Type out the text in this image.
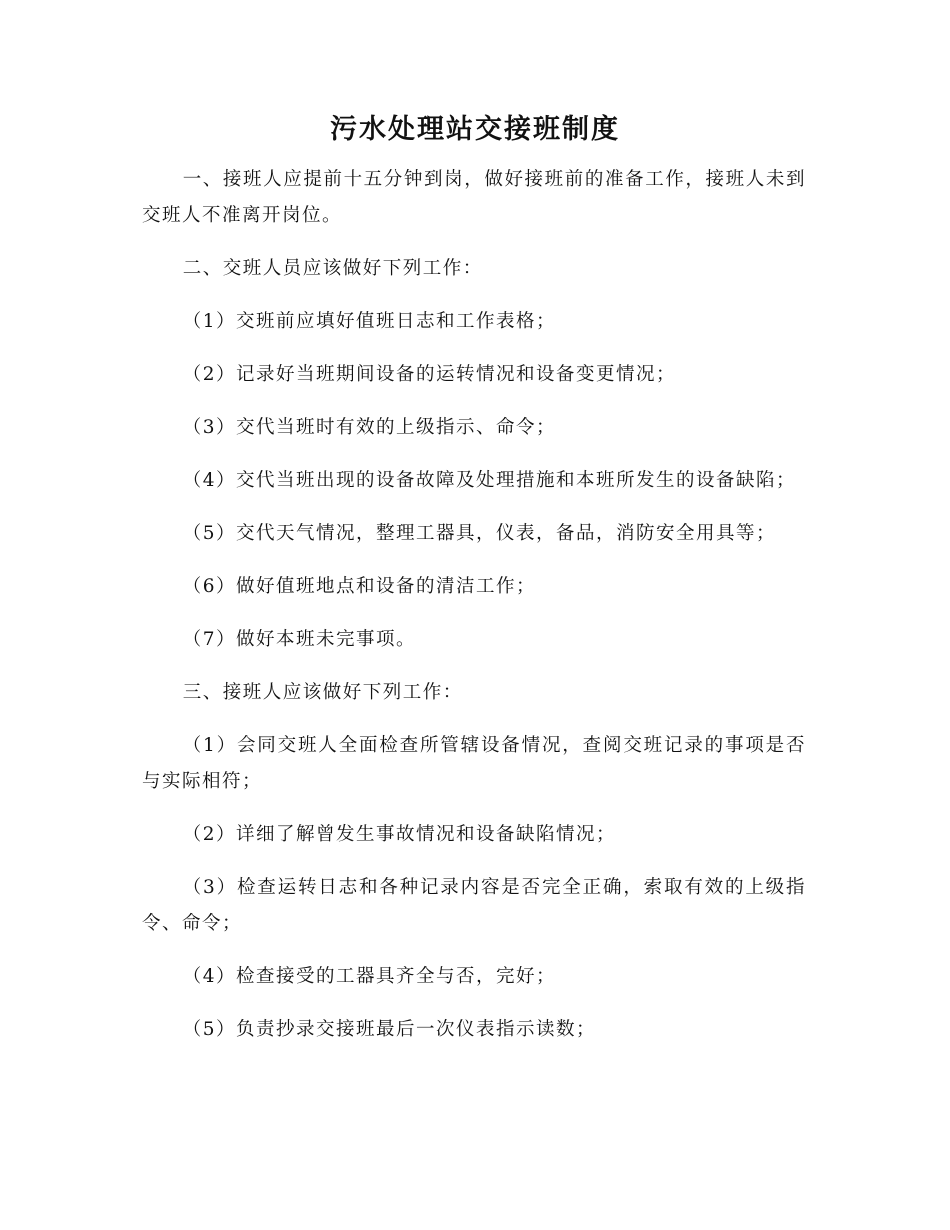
污水处理站交接班制度

一、接班人应提前十五分钟到岗，做好接班前的准备工作，接班人未到交班人不准离开岗位。

二、交班人员应该做好下列工作：

（1）交班前应填好值班日志和工作表格；

（2）记录好当班期间设备的运转情况和设备变更情况；

（3）交代当班时有效的上级指示、命令；

（4）交代当班出现的设备故障及处理措施和本班所发生的设备缺陷；

（5）交代天气情况，整理工器具，仪表，备品，消防安全用具等；

（6）做好值班地点和设备的清洁工作；

（7）做好本班未完事项。

三、接班人应该做好下列工作：

（1）会同交班人全面检查所管辖设备情况，查阅交班记录的事项是否与实际相符；

（2）详细了解曾发生事故情况和设备缺陷情况；

（3）检查运转日志和各种记录内容是否完全正确，索取有效的上级指令、命令；

（4）检查接受的工器具齐全与否，完好；

（5）负责抄录交接班最后一次仪表指示读数；
